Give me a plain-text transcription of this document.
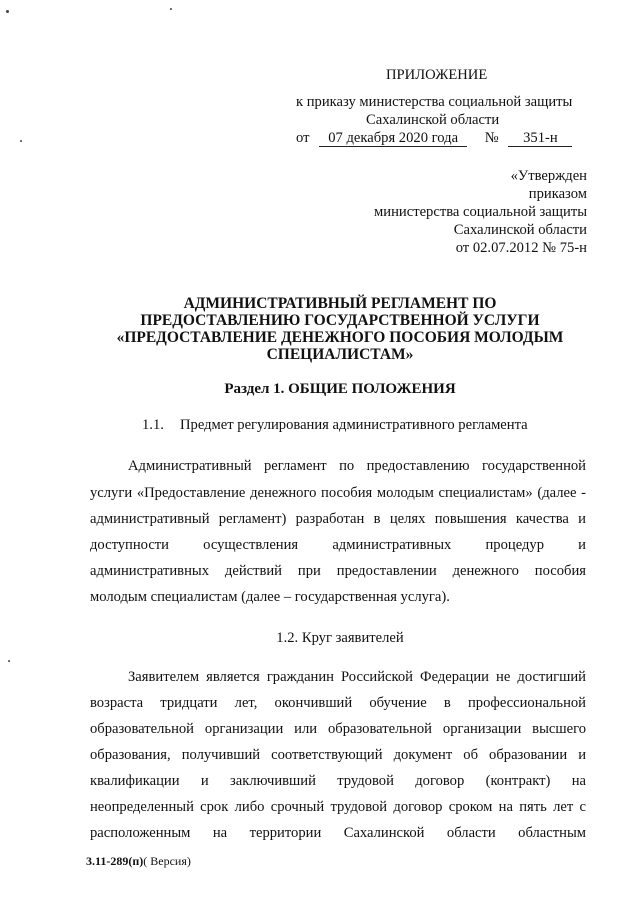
ПРИЛОЖЕНИЕ
к приказу министерства социальной защиты
Сахалинской области
от 07 декабря 2020 года № 351-н
«Утвержден
приказом
министерства социальной защиты
Сахалинской области
от 02.07.2012 № 75-н
АДМИНИСТРАТИВНЫЙ РЕГЛАМЕНТ ПО
ПРЕДОСТАВЛЕНИЮ ГОСУДАРСТВЕННОЙ УСЛУГИ
«ПРЕДОСТАВЛЕНИЕ ДЕНЕЖНОГО ПОСОБИЯ МОЛОДЫМ
СПЕЦИАЛИСТАМ»
Раздел 1. ОБЩИЕ ПОЛОЖЕНИЯ
1.1. Предмет регулирования административного регламента
Административный регламент по предоставлению государственной
услуги «Предоставление денежного пособия молодым специалистам» (далее -
административный регламент) разработан в целях повышения качества и
доступности осуществления административных процедур и
административных действий при предоставлении денежного пособия
молодым специалистам (далее – государственная услуга).
1.2. Круг заявителей
Заявителем является гражданин Российской Федерации не достигший
возраста тридцати лет, окончивший обучение в профессиональной
образовательной организации или образовательной организации высшего
образования, получивший соответствующий документ об образовании и
квалификации и заключивший трудовой договор (контракт) на
неопределенный срок либо срочный трудовой договор сроком на пять лет с
расположенным на территории Сахалинской области областным
3.11-289(п)( Версия)
